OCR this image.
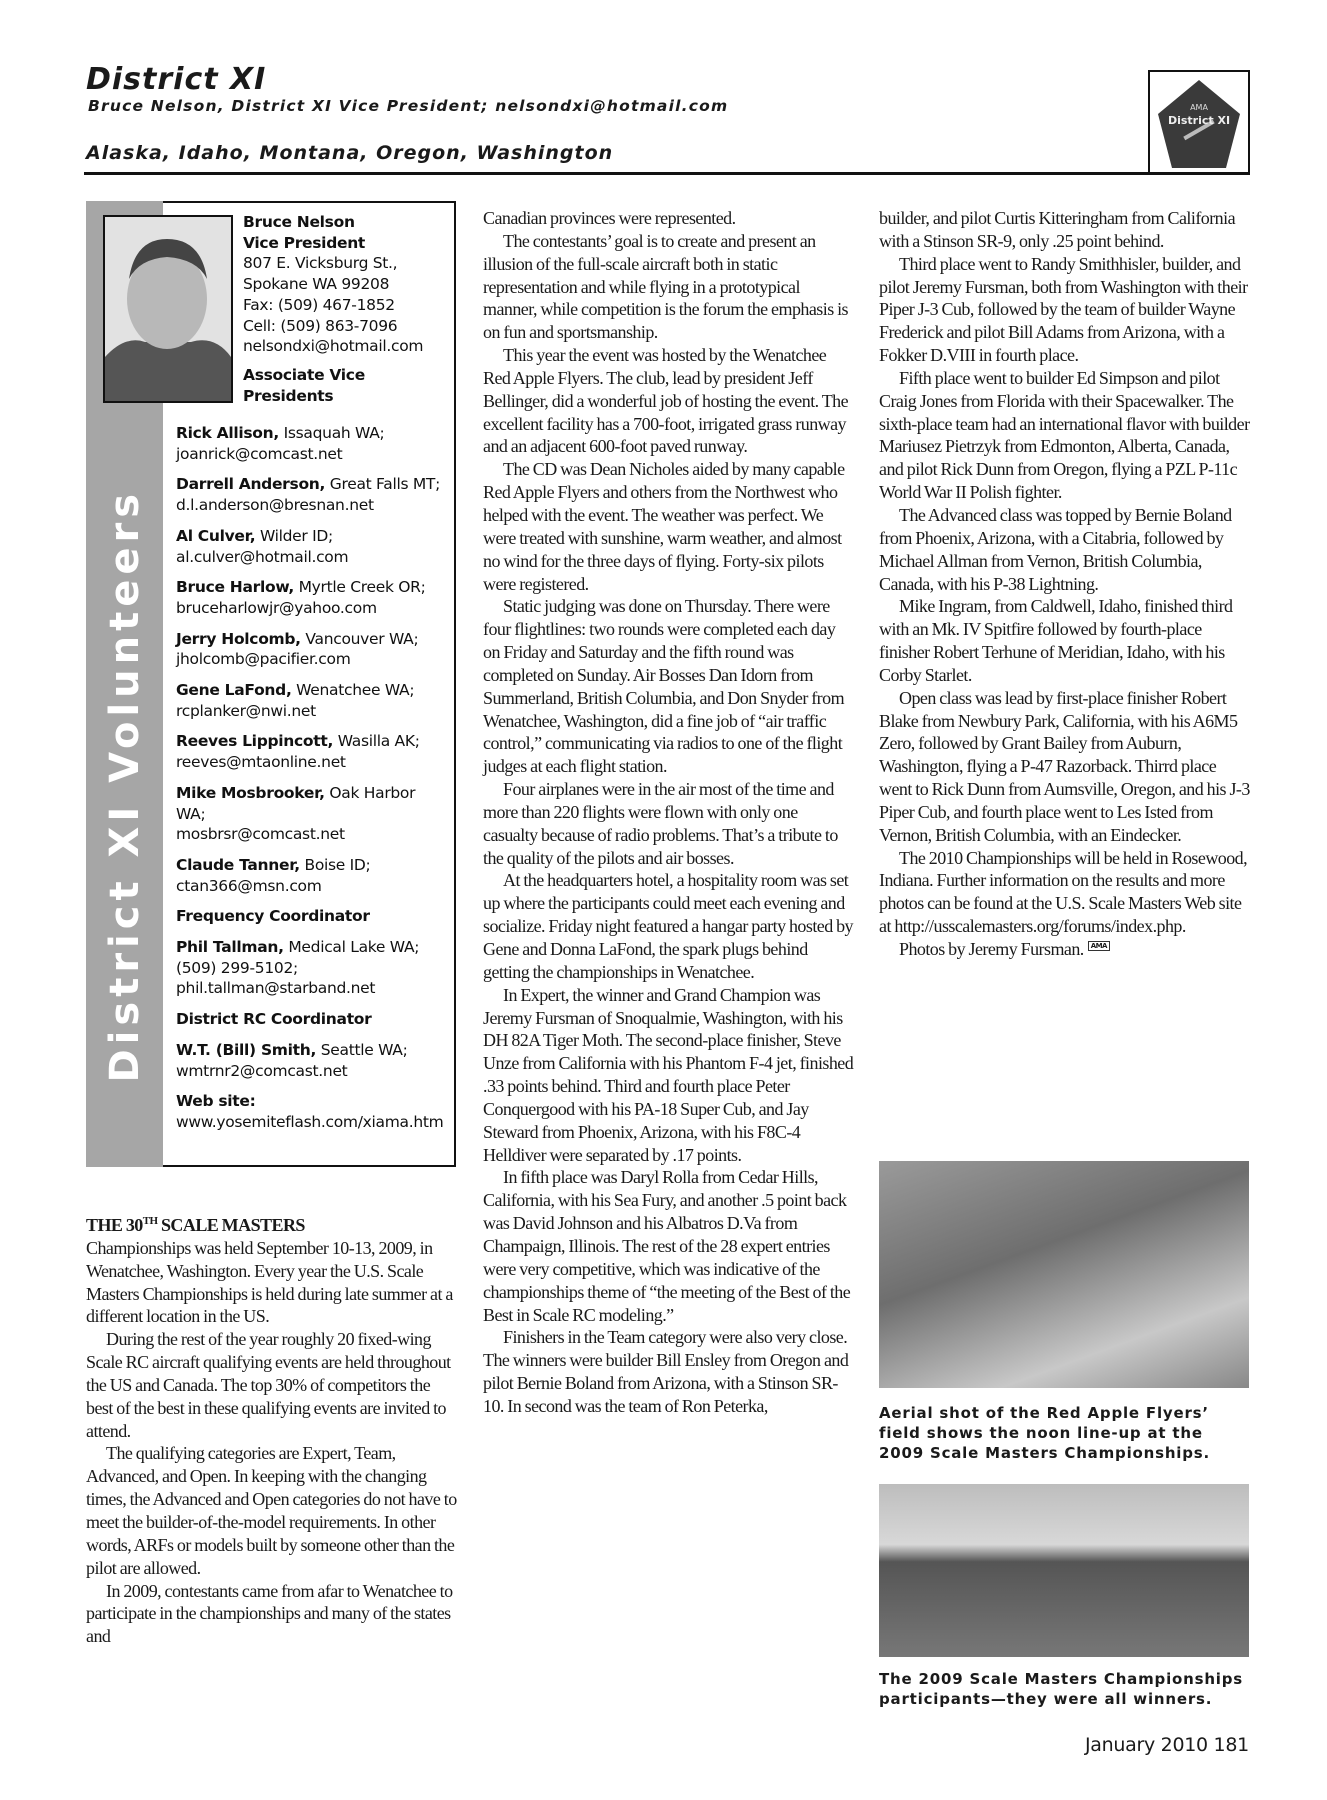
District XI
Bruce Nelson, District XI Vice President; nelsondxi@hotmail.com
Alaska, Idaho, Montana, Oregon, Washington
AMA
District XI
District XI Volunteers
Bruce Nelson
Vice President
807 E. Vicksburg St.,
Spokane WA 99208
Fax: (509) 467-1852
Cell: (509) 863-7096
nelsondxi@hotmail.com
Associate Vice Presidents
Rick Allison, Issaquah WA;
joanrick@comcast.net
Darrell Anderson, Great Falls MT;
d.l.anderson@bresnan.net
Al Culver, Wilder ID;
al.culver@hotmail.com
Bruce Harlow, Myrtle Creek OR;
bruceharlowjr@yahoo.com
Jerry Holcomb, Vancouver WA;
jholcomb@pacifier.com
Gene LaFond, Wenatchee WA;
rcplanker@nwi.net
Reeves Lippincott, Wasilla AK;
reeves@mtaonline.net
Mike Mosbrooker, Oak Harbor WA;
mosbrsr@comcast.net
Claude Tanner, Boise ID;
ctan366@msn.com
Frequency Coordinator
Phil Tallman, Medical Lake WA;
(509) 299-5102;
phil.tallman@starband.net
District RC Coordinator
W.T. (Bill) Smith, Seattle WA;
wmtrnr2@comcast.net
Web site: www.yosemiteflash.com/xiama.htm

THE 30TH SCALE MASTERS

Championships was held September 10-13, 2009, in Wenatchee, Washington. Every year the U.S. Scale Masters Championships is held during late summer at a different location in the US.

During the rest of the year roughly 20 fixed-wing Scale RC aircraft qualifying events are held throughout the US and Canada. The top 30% of competitors the best of the best in these qualifying events are invited to attend.

The qualifying categories are Expert, Team, Advanced, and Open. In keeping with the changing times, the Advanced and Open categories do not have to meet the builder-of-the-model requirements. In other words, ARFs or models built by someone other than the pilot are allowed.

In 2009, contestants came from afar to Wenatchee to participate in the championships and many of the states and

Canadian provinces were represented.

The contestants’ goal is to create and present an illusion of the full-scale aircraft both in static representation and while flying in a prototypical manner, while competition is the forum the emphasis is on fun and sportsmanship.

This year the event was hosted by the Wenatchee Red Apple Flyers. The club, lead by president Jeff Bellinger, did a wonderful job of hosting the event. The excellent facility has a 700-foot, irrigated grass runway and an adjacent 600-foot paved runway.

The CD was Dean Nicholes aided by many capable Red Apple Flyers and others from the Northwest who helped with the event. The weather was perfect. We were treated with sunshine, warm weather, and almost no wind for the three days of flying. Forty-six pilots were registered.

Static judging was done on Thursday. There were four flightlines: two rounds were completed each day on Friday and Saturday and the fifth round was completed on Sunday. Air Bosses Dan Idorn from Summerland, British Columbia, and Don Snyder from Wenatchee, Washington, did a fine job of “air traffic control,” communicating via radios to one of the flight judges at each flight station.

Four airplanes were in the air most of the time and more than 220 flights were flown with only one casualty because of radio problems. That’s a tribute to the quality of the pilots and air bosses.

At the headquarters hotel, a hospitality room was set up where the participants could meet each evening and socialize. Friday night featured a hangar party hosted by Gene and Donna LaFond, the spark plugs behind getting the championships in Wenatchee.

In Expert, the winner and Grand Champion was Jeremy Fursman of Snoqualmie, Washington, with his DH 82A Tiger Moth. The second-place finisher, Steve Unze from California with his Phantom F-4 jet, finished .33 points behind. Third and fourth place Peter Conquergood with his PA-18 Super Cub, and Jay Steward from Phoenix, Arizona, with his F8C-4 Helldiver were separated by .17 points.

In fifth place was Daryl Rolla from Cedar Hills, California, with his Sea Fury, and another .5 point back was David Johnson and his Albatros D.Va from Champaign, Illinois. The rest of the 28 expert entries were very competitive, which was indicative of the championships theme of “the meeting of the Best of the Best in Scale RC modeling.”

Finishers in the Team category were also very close. The winners were builder Bill Ensley from Oregon and pilot Bernie Boland from Arizona, with a Stinson SR-10. In second was the team of Ron Peterka,

builder, and pilot Curtis Kitteringham from California with a Stinson SR-9, only .25 point behind.

Third place went to Randy Smithhisler, builder, and pilot Jeremy Fursman, both from Washington with their Piper J-3 Cub, followed by the team of builder Wayne Frederick and pilot Bill Adams from Arizona, with a Fokker D.VIII in fourth place.

Fifth place went to builder Ed Simpson and pilot Craig Jones from Florida with their Spacewalker. The sixth-place team had an international flavor with builder Mariusez Pietrzyk from Edmonton, Alberta, Canada, and pilot Rick Dunn from Oregon, flying a PZL P-11c World War II Polish fighter.

The Advanced class was topped by Bernie Boland from Phoenix, Arizona, with a Citabria, followed by Michael Allman from Vernon, British Columbia, Canada, with his P-38 Lightning.

Mike Ingram, from Caldwell, Idaho, finished third with an Mk. IV Spitfire followed by fourth-place finisher Robert Terhune of Meridian, Idaho, with his Corby Starlet.

Open class was lead by first-place finisher Robert Blake from Newbury Park, California, with his A6M5 Zero, followed by Grant Bailey from Auburn, Washington, flying a P-47 Razorback. Thirrd place went to Rick Dunn from Aumsville, Oregon, and his J-3 Piper Cub, and fourth place went to Les Isted from Vernon, British Columbia, with an Eindecker.

The 2010 Championships will be held in Rosewood, Indiana. Further information on the results and more photos can be found at the U.S. Scale Masters Web site at http://usscalemasters.org/forums/index.php.

Photos by Jeremy Fursman. $^{AMA}$

Aerial shot of the Red Apple Flyers’ field shows the noon line-up at the 2009 Scale Masters Championships.
The 2009 Scale Masters Championships participants—they were all winners.
January 2010 181
